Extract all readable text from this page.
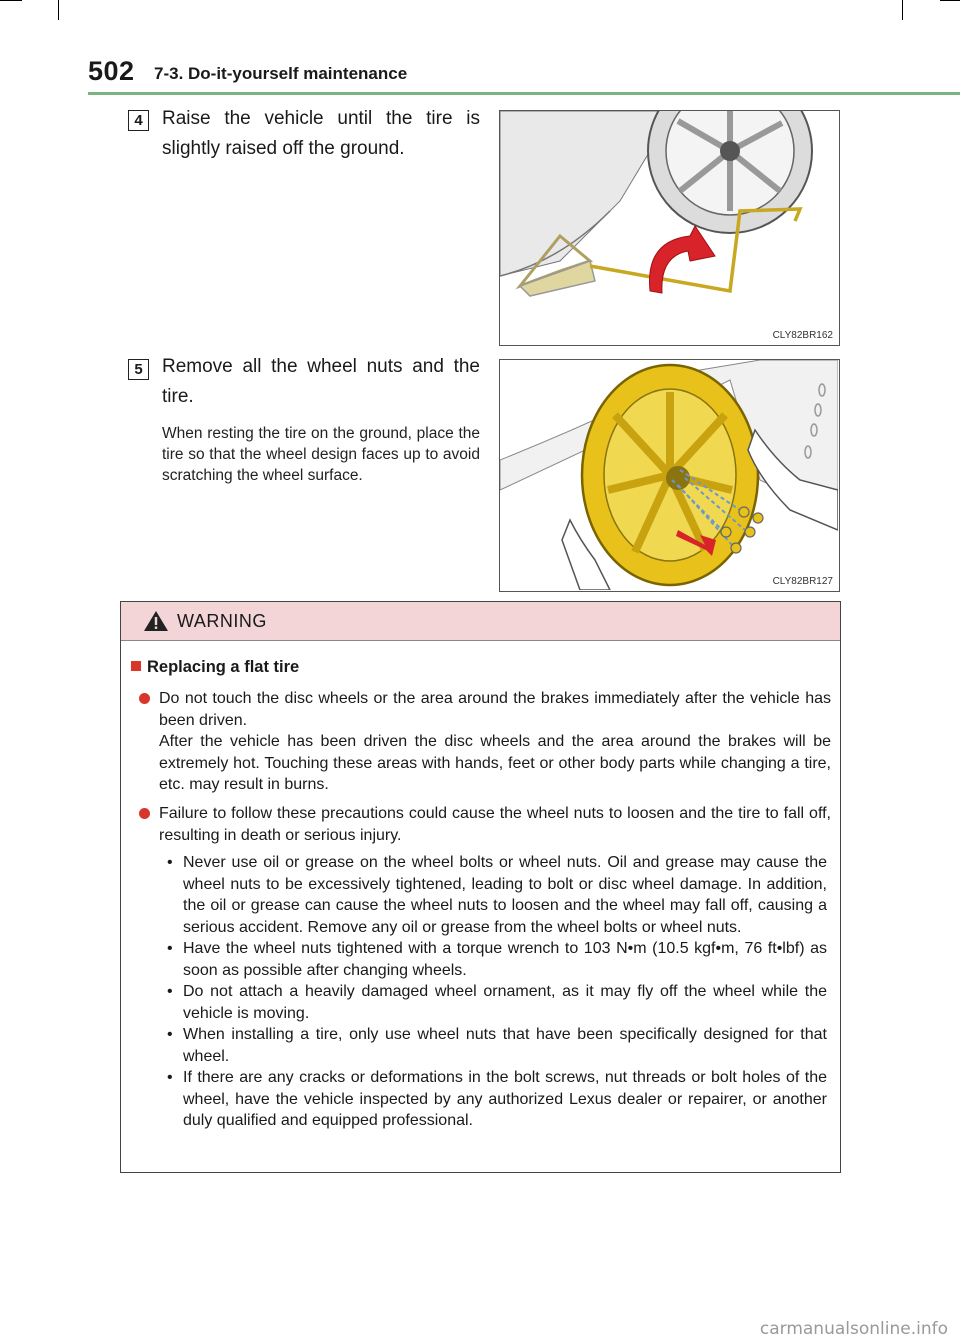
502 7-3. Do-it-yourself maintenance
4	Raise the vehicle until the tire is slightly raised off the ground.
CLY82BR162
5	Remove all the wheel nuts and the tire.
When resting the tire on the ground, place the tire so that the wheel design faces up to avoid scratching the wheel surface.
CLY82BR127
WARNING
Replacing a flat tire
Do not touch the disc wheels or the area around the brakes immediately after the vehicle has been driven.
After the vehicle has been driven the disc wheels and the area around the brakes will be extremely hot. Touching these areas with hands, feet or other body parts while changing a tire, etc. may result in burns.
Failure to follow these precautions could cause the wheel nuts to loosen and the tire to fall off, resulting in death or serious injury.
• Never use oil or grease on the wheel bolts or wheel nuts. Oil and grease may cause the wheel nuts to be excessively tightened, leading to bolt or disc wheel damage. In addition, the oil or grease can cause the wheel nuts to loosen and the wheel may fall off, causing a serious accident. Remove any oil or grease from the wheel bolts or wheel nuts.
• Have the wheel nuts tightened with a torque wrench to 103 N•m (10.5 kgf•m, 76 ft•lbf) as soon as possible after changing wheels.
• Do not attach a heavily damaged wheel ornament, as it may fly off the wheel while the vehicle is moving.
• When installing a tire, only use wheel nuts that have been specifically designed for that wheel.
• If there are any cracks or deformations in the bolt screws, nut threads or bolt holes of the wheel, have the vehicle inspected by any authorized Lexus dealer or repairer, or another duly qualified and equipped professional.
carmanualsonline.info
